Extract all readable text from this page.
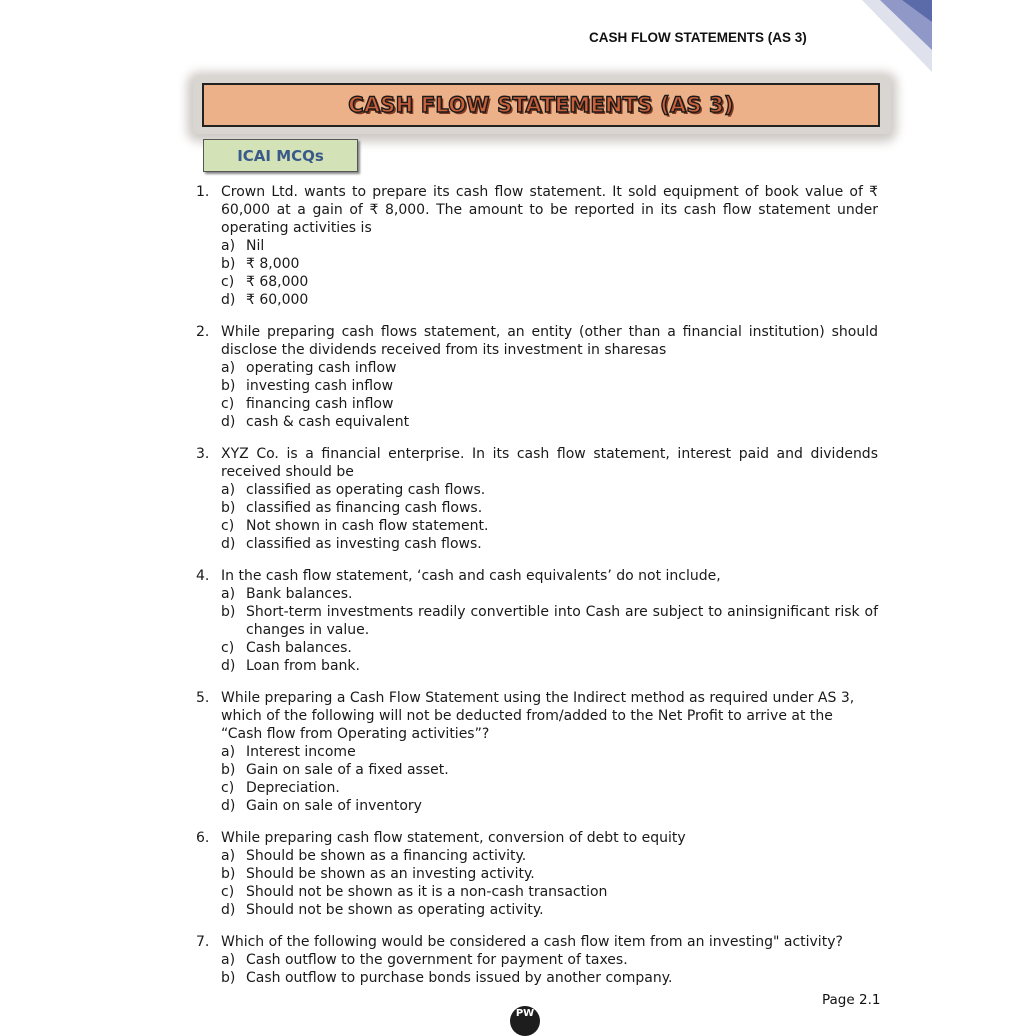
CASH FLOW STATEMENTS (AS 3)
CASH FLOW STATEMENTS (AS 3)
ICAI MCQs
1. Crown Ltd. wants to prepare its cash flow statement. It sold equipment of book value of ₹ 60,000 at a gain of ₹ 8,000. The amount to be reported in its cash flow statement under operating activities is
a) Nil
b) ₹ 8,000
c) ₹ 68,000
d) ₹ 60,000
2. While preparing cash flows statement, an entity (other than a financial institution) should disclose the dividends received from its investment in sharesas
a) operating cash inflow
b) investing cash inflow
c) financing cash inflow
d) cash & cash equivalent
3. XYZ Co. is a financial enterprise. In its cash flow statement, interest paid and dividends received should be
a) classified as operating cash flows.
b) classified as financing cash flows.
c) Not shown in cash flow statement.
d) classified as investing cash flows.
4. In the cash flow statement, ‘cash and cash equivalents’ do not include,
a) Bank balances.
b) Short-term investments readily convertible into Cash are subject to aninsignificant risk of changes in value.
c) Cash balances.
d) Loan from bank.
5. While preparing a Cash Flow Statement using the Indirect method as required under AS 3, which of the following will not be deducted from/added to the Net Profit to arrive at the “Cash flow from Operating activities”?
a) Interest income
b) Gain on sale of a fixed asset.
c) Depreciation.
d) Gain on sale of inventory
6. While preparing cash flow statement, conversion of debt to equity
a) Should be shown as a financing activity.
b) Should be shown as an investing activity.
c) Should not be shown as it is a non-cash transaction
d) Should not be shown as operating activity.
7. Which of the following would be considered a cash flow item from an investing" activity?
a) Cash outflow to the government for payment of taxes.
b) Cash outflow to purchase bonds issued by another company.
Page 2.1
PW
